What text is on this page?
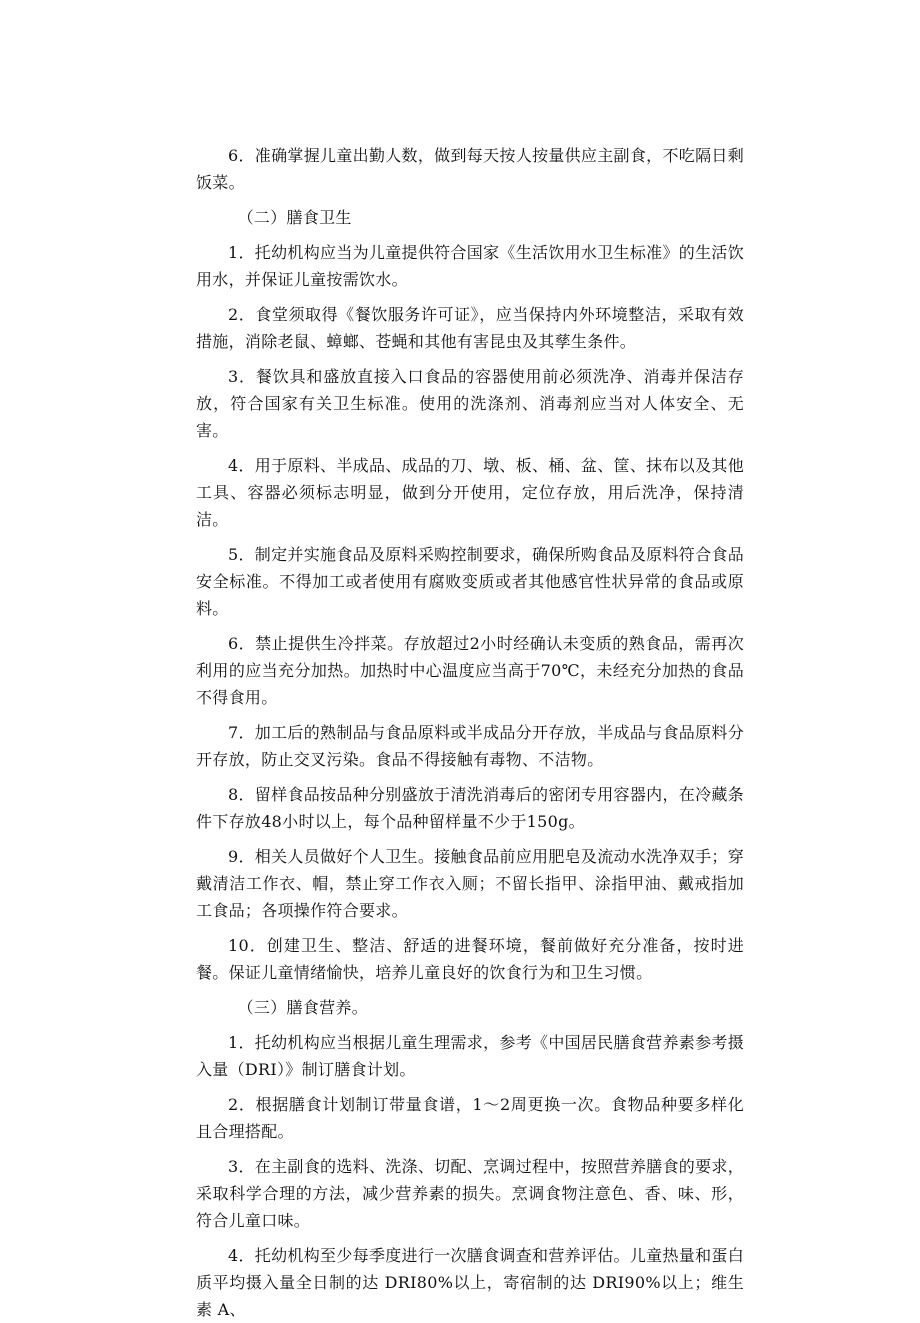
6．准确掌握儿童出勤人数，做到每天按人按量供应主副食，不吃隔日剩饭菜。

（二）膳食卫生

1．托幼机构应当为儿童提供符合国家《生活饮用水卫生标准》的生活饮用水，并保证儿童按需饮水。

2．食堂须取得《餐饮服务许可证》，应当保持内外环境整洁，采取有效措施，消除老鼠、蟑螂、苍蝇和其他有害昆虫及其孳生条件。

3．餐饮具和盛放直接入口食品的容器使用前必须洗净、消毒并保洁存放，符合国家有关卫生标准。使用的洗涤剂、消毒剂应当对人体安全、无害。

4．用于原料、半成品、成品的刀、墩、板、桶、盆、筐、抹布以及其他工具、容器必须标志明显，做到分开使用，定位存放，用后洗净，保持清洁。

5．制定并实施食品及原料采购控制要求，确保所购食品及原料符合食品安全标准。不得加工或者使用有腐败变质或者其他感官性状异常的食品或原料。

6．禁止提供生冷拌菜。存放超过2小时经确认未变质的熟食品，需再次利用的应当充分加热。加热时中心温度应当高于70℃，未经充分加热的食品不得食用。

7．加工后的熟制品与食品原料或半成品分开存放，半成品与食品原料分开存放，防止交叉污染。食品不得接触有毒物、不洁物。

8．留样食品按品种分别盛放于清洗消毒后的密闭专用容器内，在冷藏条件下存放48小时以上，每个品种留样量不少于150g。

9．相关人员做好个人卫生。接触食品前应用肥皂及流动水洗净双手；穿戴清洁工作衣、帽，禁止穿工作衣入厕；不留长指甲、涂指甲油、戴戒指加工食品；各项操作符合要求。

10．创建卫生、整洁、舒适的进餐环境，餐前做好充分准备，按时进餐。保证儿童情绪愉快，培养儿童良好的饮食行为和卫生习惯。

（三）膳食营养。

1．托幼机构应当根据儿童生理需求，参考《中国居民膳食营养素参考摄入量（DRI）》制订膳食计划。

2．根据膳食计划制订带量食谱，1～2周更换一次。食物品种要多样化且合理搭配。

3．在主副食的选料、洗涤、切配、烹调过程中，按照营养膳食的要求，采取科学合理的方法，减少营养素的损失。烹调食物注意色、香、味、形，符合儿童口味。

4．托幼机构至少每季度进行一次膳食调查和营养评估。儿童热量和蛋白质平均摄入量全日制的达 DRI80%以上，寄宿制的达 DRI90%以上；维生素 A、
